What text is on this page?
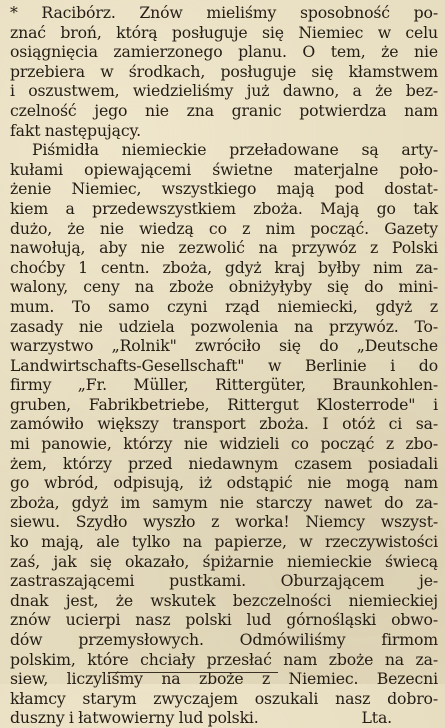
* Racibórz. Znów mieliśmy sposobność po-
znać broń, którą posługuje się Niemiec w celu
osiągnięcia zamierzonego planu. O tem, że nie
przebiera w środkach, posługuje się kłamstwem
i oszustwem, wiedzieliśmy już dawno, a że bez-
czelność jego nie zna granic potwierdza nam
fakt następujący.
Piśmidła niemieckie przeładowane są arty-
kułami opiewającemi świetne materjalne poło-
żenie Niemiec, wszystkiego mają pod dostat-
kiem a przedewszystkiem zboża. Mają go tak
dużo, że nie wiedzą co z nim począć. Gazety
nawołują, aby nie zezwolić na przywóz z Polski
choćby 1 centn. zboża, gdyż kraj byłby nim za-
walony, ceny na zboże obniżyłyby się do mini-
mum. To samo czyni rząd niemiecki, gdyż z
zasady nie udziela pozwolenia na przywóz. To-
warzystwo „Rolnik" zwróciło się do „Deutsche
Landwirtschafts-Gesellschaft" w Berlinie i do
firmy „Fr. Müller, Rittergüter, Braunkohlen-
gruben, Fabrikbetriebe, Rittergut Klosterrode" i
zamówiło większy transport zboża. I otóż ci sa-
mi panowie, którzy nie widzieli co począć z zbo-
żem, którzy przed niedawnym czasem posiadali
go wbród, odpisują, iż odstąpić nie mogą nam
zboża, gdyż im samym nie starczy nawet do za-
siewu. Szydło wyszło z worka! Niemcy wszyst-
ko mają, ale tylko na papierze, w rzeczywistości
zaś, jak się okazało, śpiżarnie niemieckie świecą
zastraszającemi pustkami. Oburzającem je-
dnak jest, że wskutek bezczelności niemieckiej
znów ucierpi nasz polski lud górnośląski obwo-
dów przemysłowych. Odmówiliśmy firmom
polskim, które chciały przesłać nam zboże na za-
siew, liczyliśmy na zboże z Niemiec. Bezecni
kłamcy starym zwyczajem oszukali nasz dobro-
duszny i łatwowierny lud polski.	Lta.
